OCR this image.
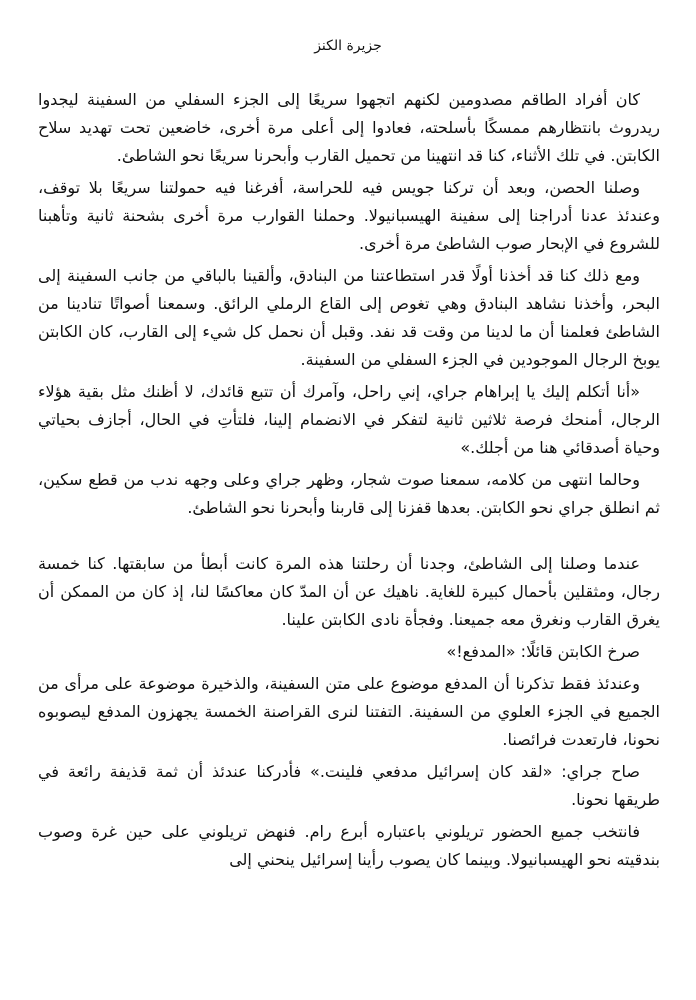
جزيرة الكنز

كان أفراد الطاقم مصدومين لكنهم اتجهوا سريعًا إلى الجزء السفلي من السفينة ليجدوا ريدروث بانتظارهم ممسكًا بأسلحته، فعادوا إلى أعلى مرة أخرى، خاضعين تحت تهديد سلاح الكابتن. في تلك الأثناء، كنا قد انتهينا من تحميل القارب وأبحرنا سريعًا نحو الشاطئ.

وصلنا الحصن، وبعد أن تركنا جويس فيه للحراسة، أفرغنا فيه حمولتنا سريعًا بلا توقف، وعندئذ عدنا أدراجنا إلى سفينة الهيسبانيولا. وحملنا القوارب مرة أخرى بشحنة ثانية وتأهبنا للشروع في الإبحار صوب الشاطئ مرة أخرى.

ومع ذلك كنا قد أخذنا أولًا قدر استطاعتنا من البنادق، وألقينا بالباقي من جانب السفينة إلى البحر، وأخذنا نشاهد البنادق وهي تغوص إلى القاع الرملي الرائق. وسمعنا أصواتًا تنادينا من الشاطئ فعلمنا أن ما لدينا من وقت قد نفد. وقبل أن نحمل كل شيء إلى القارب، كان الكابتن يوبخ الرجال الموجودين في الجزء السفلي من السفينة.

«أنا أتكلم إليك يا إبراهام جراي، إني راحل، وآمرك أن تتبع قائدك، لا أظنك مثل بقية هؤلاء الرجال، أمنحك فرصة ثلاثين ثانية لتفكر في الانضمام إلينا، فلتأتِ في الحال، أجازف بحياتي وحياة أصدقائي هنا من أجلك.»

وحالما انتهى من كلامه، سمعنا صوت شجار، وظهر جراي وعلى وجهه ندب من قطع سكين، ثم انطلق جراي نحو الكابتن. بعدها قفزنا إلى قاربنا وأبحرنا نحو الشاطئ.

عندما وصلنا إلى الشاطئ، وجدنا أن رحلتنا هذه المرة كانت أبطأ من سابقتها. كنا خمسة رجال، ومثقلين بأحمال كبيرة للغاية. ناهيك عن أن المدّ كان معاكسًا لنا، إذ كان من الممكن أن يغرق القارب ونغرق معه جميعنا. وفجأة نادى الكابتن علينا.

صرخ الكابتن قائلًا: «المدفع!»

وعندئذ فقط تذكرنا أن المدفع موضوع على متن السفينة، والذخيرة موضوعة على مرأى من الجميع في الجزء العلوي من السفينة. التفتنا لنرى القراصنة الخمسة يجهزون المدفع ليصوبوه نحونا، فارتعدت فرائصنا.

صاح جراي: «لقد كان إسرائيل مدفعي فلينت.» فأدركنا عندئذ أن ثمة قذيفة رائعة في طريقها نحونا.

فانتخب جميع الحضور تريلوني باعتباره أبرع رام. فنهض تريلوني على حين غرة وصوب بندقيته نحو الهيسبانيولا. وبينما كان يصوب رأينا إسرائيل ينحني إلى
